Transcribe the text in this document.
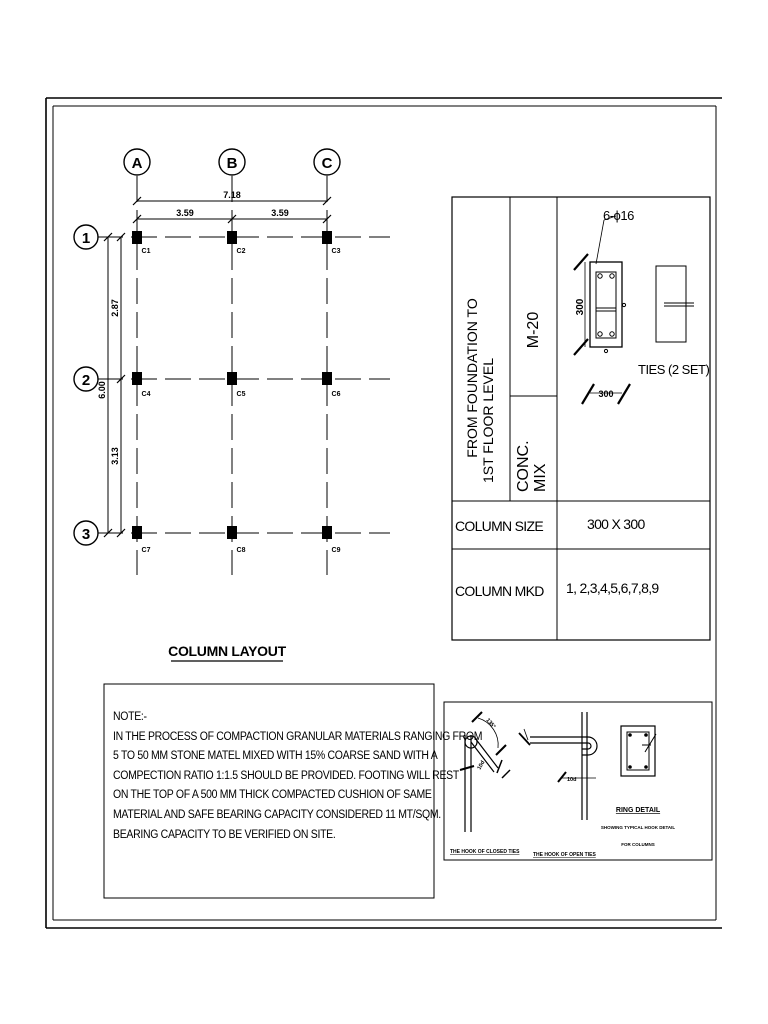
A	B	C
1
2
3
7.18
3.59	3.59
6.00
2.87
3.13
C1	C2	C3
C4	C5	C6
C7	C8	C9
COLUMN LAYOUT
FROM FOUNDATION TO 1ST FLOOR LEVEL
M-20
CONC. MIX
6-ϕ16
300
300
TIES (2 SET)
COLUMN SIZE	300 X 300
COLUMN MKD 1, 2,3,4,5,6,7,8,9
135°
10d
THE HOOK OF CLOSED TIES
10d
THE HOOK OF OPEN TIES
RING DETAIL
SHOWING TYPICAL HOOK DETAIL
FOR COLUMNS
NOTE:-
IN THE PROCESS OF COMPACTION GRANULAR MATERIALS RANGING FROM
5 TO 50 MM STONE MATEL MIXED WITH 15% COARSE SAND WITH A
COMPECTION RATIO 1:1.5 SHOULD BE PROVIDED. FOOTING WILL REST
ON THE TOP OF A 500 MM THICK COMPACTED CUSHION OF SAME
MATERIAL AND SAFE BEARING CAPACITY CONSIDERED 11 MT/SQM.
BEARING CAPACITY TO BE VERIFIED ON SITE.
